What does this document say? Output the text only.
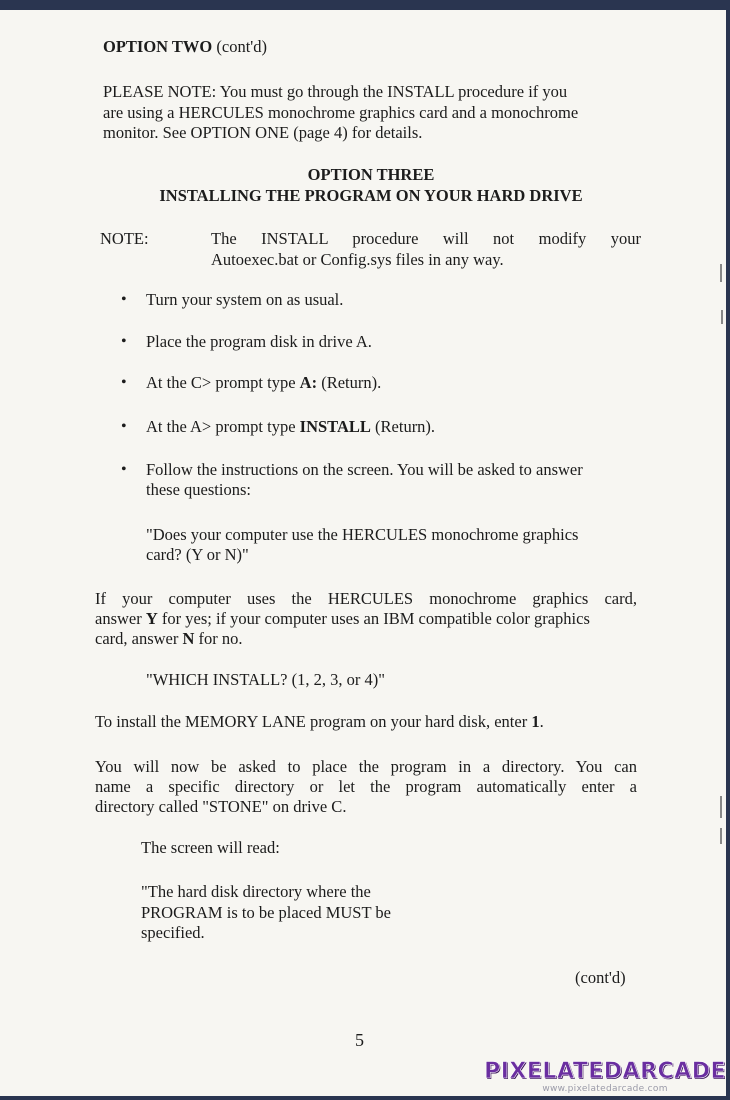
OPTION TWO (cont'd)

PLEASE NOTE: You must go through the INSTALL procedure if you

are using a HERCULES monochrome graphics card and a monochrome

monitor. See OPTION ONE (page 4) for details.

OPTION THREE

INSTALLING THE PROGRAM ON YOUR HARD DRIVE

NOTE:	The INSTALL procedure will not modify your

Autoexec.bat or Config.sys files in any way.

• Turn your system on as usual.

• Place the program disk in drive A.

• At the C> prompt type A: (Return).

• At the A> prompt type INSTALL (Return).

• Follow the instructions on the screen. You will be asked to answer

these questions:

"Does your computer use the HERCULES monochrome graphics

card? (Y or N)"

If your computer uses the HERCULES monochrome graphics card,

answer Y for yes; if your computer uses an IBM compatible color graphics

card, answer N for no.

"WHICH INSTALL? (1, 2, 3, or 4)"

To install the MEMORY LANE program on your hard disk, enter 1.

You will now be asked to place the program in a directory. You can

name a specific directory or let the program automatically enter a

directory called "STONE" on drive C.

The screen will read:

"The hard disk directory where the

PROGRAM is to be placed MUST be

specified.

(cont'd)

5

PIXELATEDARCADE
www.pixelatedarcade.com
